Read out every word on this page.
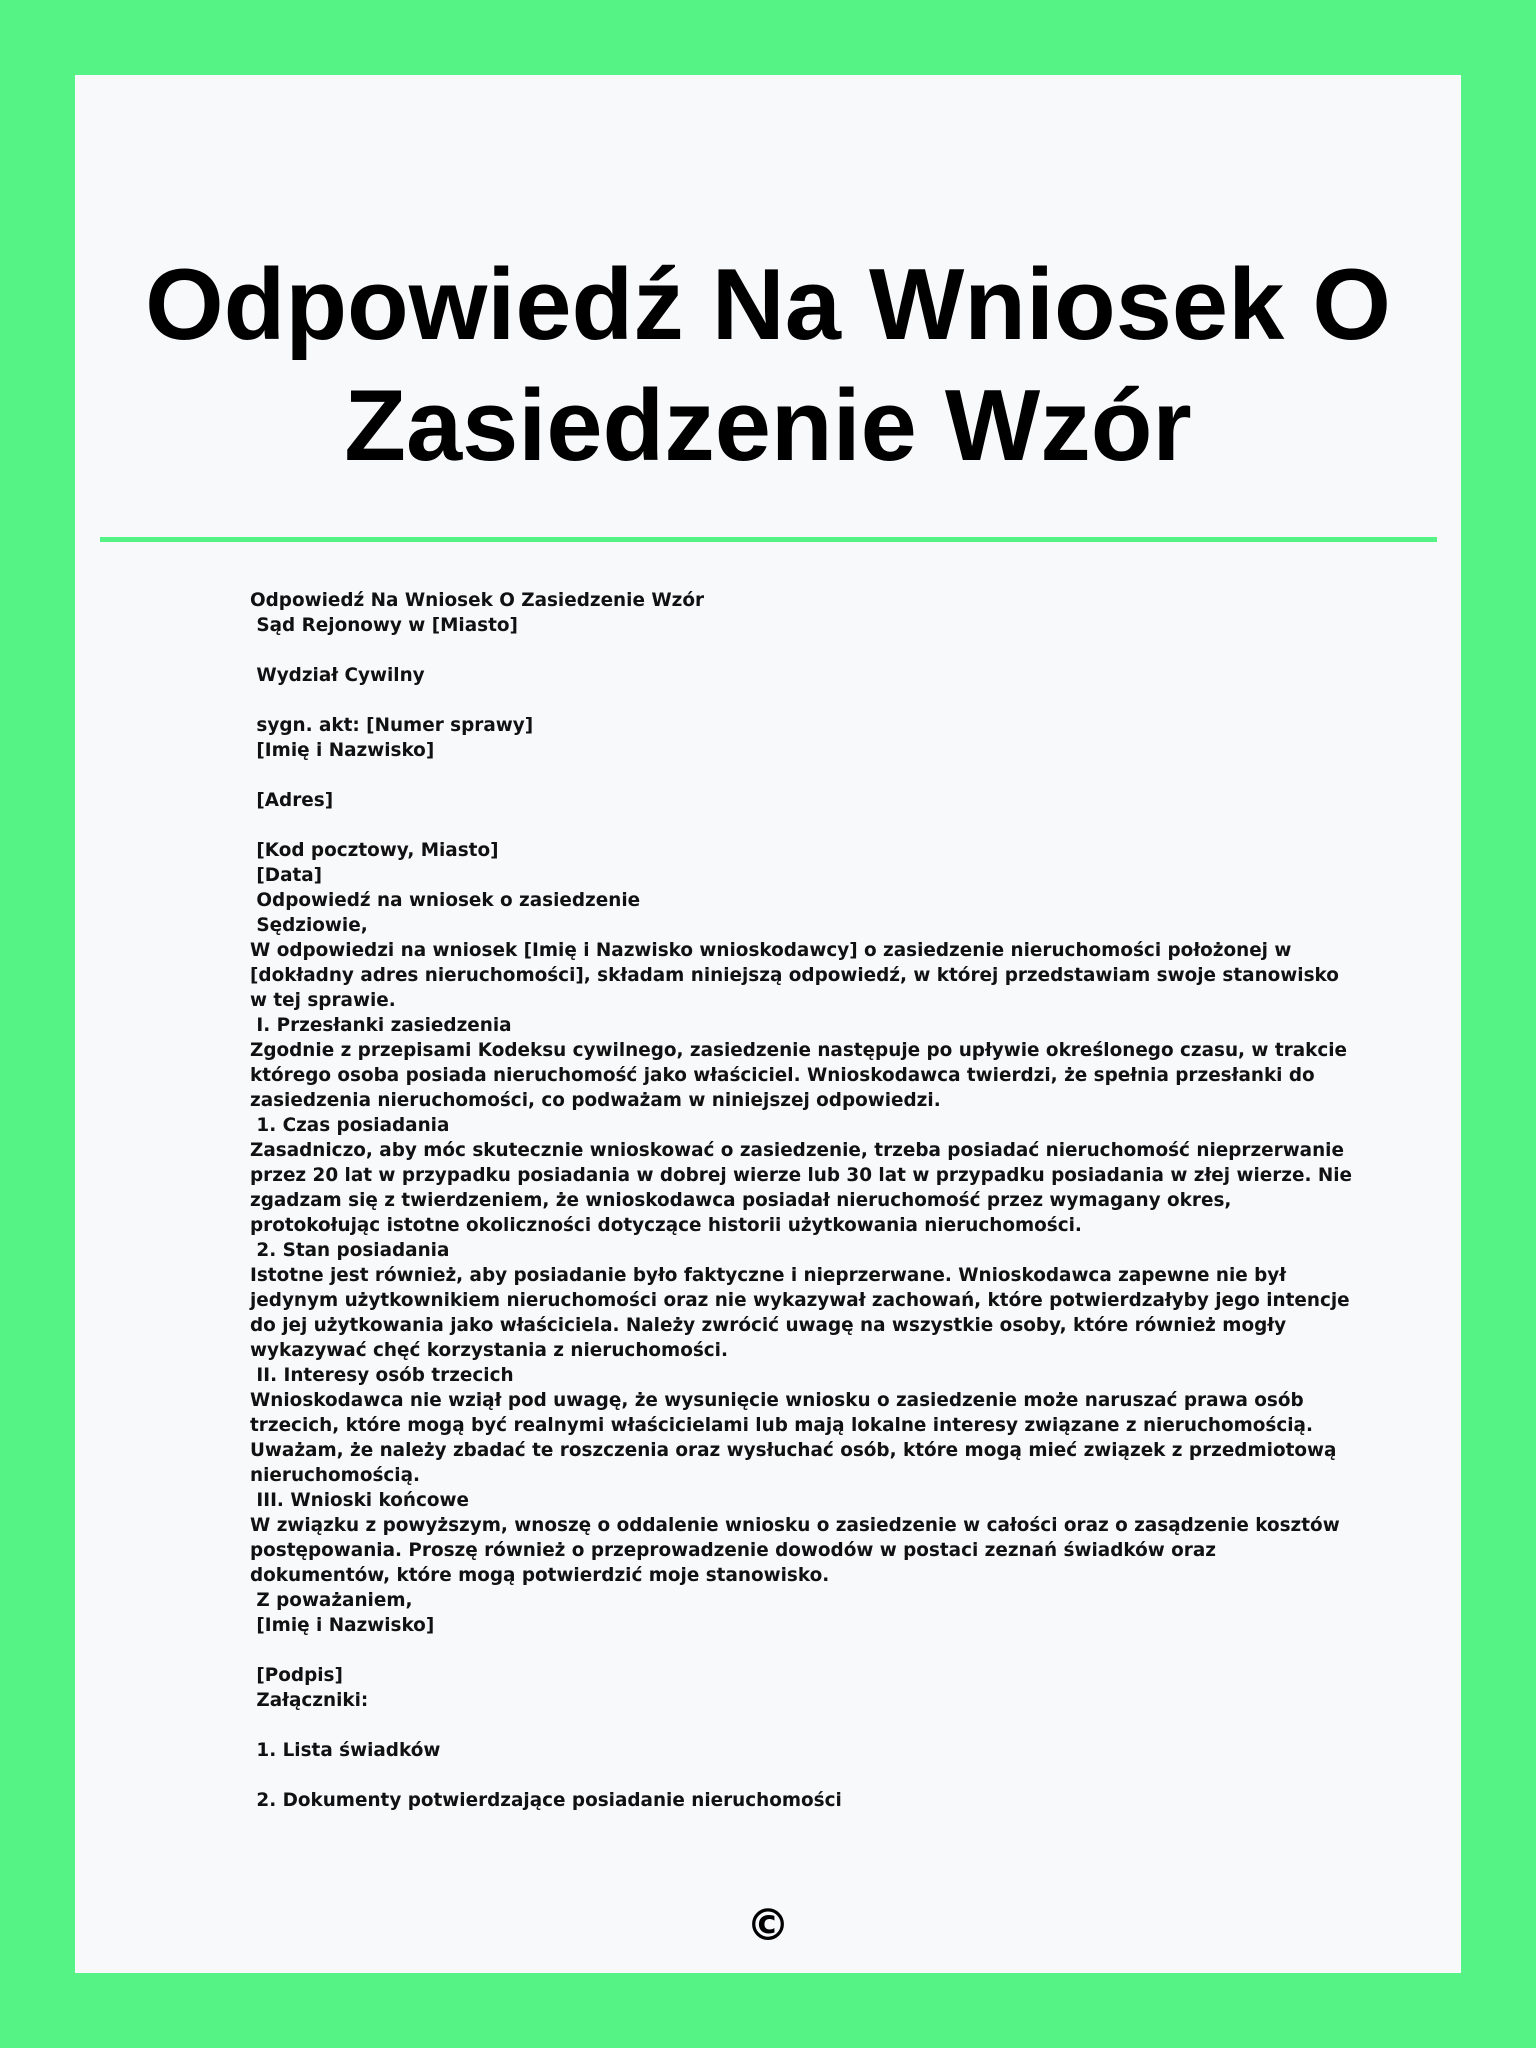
Odpowiedź Na Wniosek O Zasiedzenie Wzór
Odpowiedź Na Wniosek O Zasiedzenie Wzór
Sąd Rejonowy w [Miasto]
Wydział Cywilny
sygn. akt: [Numer sprawy]
[Imię i Nazwisko]
[Adres]
[Kod pocztowy, Miasto]
[Data]
Odpowiedź na wniosek o zasiedzenie
Sędziowie,
W odpowiedzi na wniosek [Imię i Nazwisko wnioskodawcy] o zasiedzenie nieruchomości położonej w [dokładny adres nieruchomości], składam niniejszą odpowiedź, w której przedstawiam swoje stanowisko w tej sprawie.
I. Przesłanki zasiedzenia
Zgodnie z przepisami Kodeksu cywilnego, zasiedzenie następuje po upływie określonego czasu, w trakcie którego osoba posiada nieruchomość jako właściciel. Wnioskodawca twierdzi, że spełnia przesłanki do zasiedzenia nieruchomości, co podważam w niniejszej odpowiedzi.
1. Czas posiadania
Zasadniczo, aby móc skutecznie wnioskować o zasiedzenie, trzeba posiadać nieruchomość nieprzerwanie przez 20 lat w przypadku posiadania w dobrej wierze lub 30 lat w przypadku posiadania w złej wierze. Nie zgadzam się z twierdzeniem, że wnioskodawca posiadał nieruchomość przez wymagany okres, protokołując istotne okoliczności dotyczące historii użytkowania nieruchomości.
2. Stan posiadania
Istotne jest również, aby posiadanie było faktyczne i nieprzerwane. Wnioskodawca zapewne nie był jedynym użytkownikiem nieruchomości oraz nie wykazywał zachowań, które potwierdzałyby jego intencje do jej użytkowania jako właściciela. Należy zwrócić uwagę na wszystkie osoby, które również mogły wykazywać chęć korzystania z nieruchomości.
II. Interesy osób trzecich
Wnioskodawca nie wziął pod uwagę, że wysunięcie wniosku o zasiedzenie może naruszać prawa osób trzecich, które mogą być realnymi właścicielami lub mają lokalne interesy związane z nieruchomością. Uważam, że należy zbadać te roszczenia oraz wysłuchać osób, które mogą mieć związek z przedmiotową nieruchomością.
III. Wnioski końcowe
W związku z powyższym, wnoszę o oddalenie wniosku o zasiedzenie w całości oraz o zasądzenie kosztów postępowania. Proszę również o przeprowadzenie dowodów w postaci zeznań świadków oraz dokumentów, które mogą potwierdzić moje stanowisko.
Z poważaniem,
[Imię i Nazwisko]
[Podpis]
Załączniki:
1. Lista świadków
2. Dokumenty potwierdzające posiadanie nieruchomości
©
